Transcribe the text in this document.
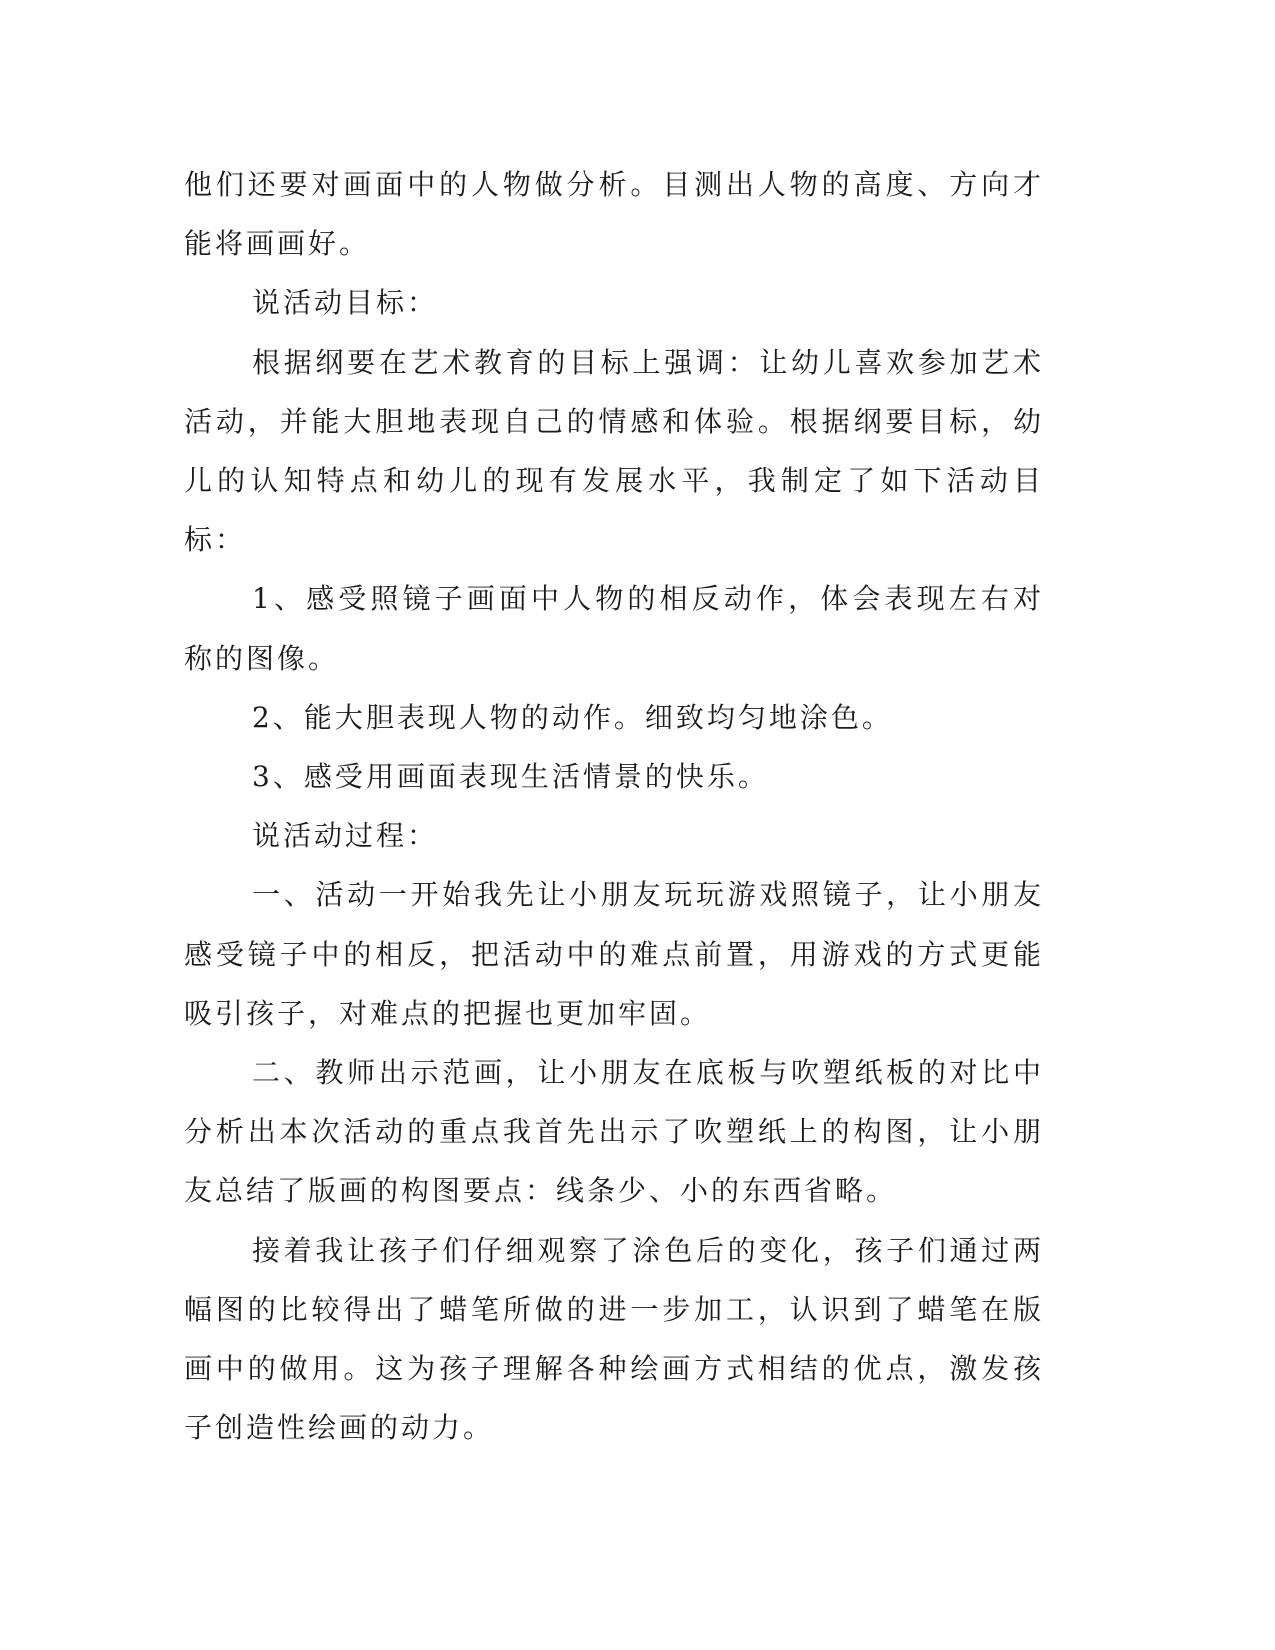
他们还要对画面中的人物做分析。目测出人物的高度、方向才能将画画好。

说活动目标：

根据纲要在艺术教育的目标上强调：让幼儿喜欢参加艺术活动，并能大胆地表现自己的情感和体验。根据纲要目标，幼儿的认知特点和幼儿的现有发展水平，我制定了如下活动目标：

1、感受照镜子画面中人物的相反动作，体会表现左右对称的图像。

2、能大胆表现人物的动作。细致均匀地涂色。

3、感受用画面表现生活情景的快乐。

说活动过程：

一、活动一开始我先让小朋友玩玩游戏照镜子，让小朋友感受镜子中的相反，把活动中的难点前置，用游戏的方式更能吸引孩子，对难点的把握也更加牢固。

二、教师出示范画，让小朋友在底板与吹塑纸板的对比中分析出本次活动的重点我首先出示了吹塑纸上的构图，让小朋友总结了版画的构图要点：线条少、小的东西省略。

接着我让孩子们仔细观察了涂色后的变化，孩子们通过两幅图的比较得出了蜡笔所做的进一步加工，认识到了蜡笔在版画中的做用。这为孩子理解各种绘画方式相结的优点，激发孩子创造性绘画的动力。
